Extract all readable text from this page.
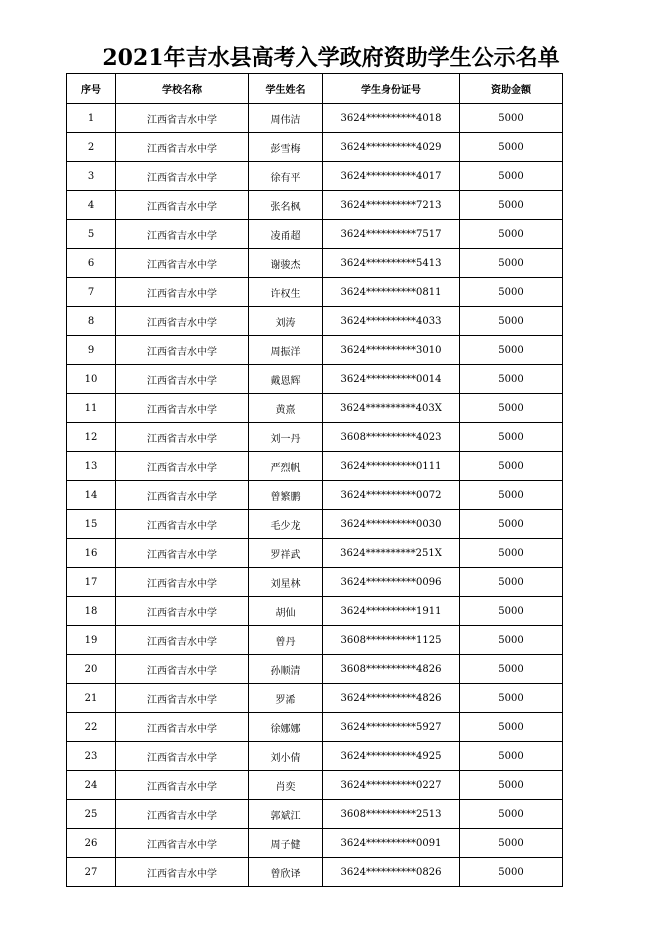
2021年吉水县高考入学政府资助学生公示名单
序号	学校名称	学生姓名	学生身份证号	资助金额
1	江西省吉水中学	周伟洁	3624**********4018	5000
2	江西省吉水中学	彭雪梅	3624**********4029	5000
3	江西省吉水中学	徐有平	3624**********4017	5000
4	江西省吉水中学	张名枫	3624**********7213	5000
5	江西省吉水中学	凌甬超	3624**********7517	5000
6	江西省吉水中学	谢骏杰	3624**********5413	5000
7	江西省吉水中学	许权生	3624**********0811	5000
8	江西省吉水中学	刘涛	3624**********4033	5000
9	江西省吉水中学	周振洋	3624**********3010	5000
10	江西省吉水中学	戴恩辉	3624**********0014	5000
11	江西省吉水中学	黄熹	3624**********403X	5000
12	江西省吉水中学	刘一丹	3608**********4023	5000
13	江西省吉水中学	严烈帆	3624**********0111	5000
14	江西省吉水中学	曾繁鹏	3624**********0072	5000
15	江西省吉水中学	毛少龙	3624**********0030	5000
16	江西省吉水中学	罗祥武	3624**********251X	5000
17	江西省吉水中学	刘星林	3624**********0096	5000
18	江西省吉水中学	胡仙	3624**********1911	5000
19	江西省吉水中学	曾丹	3608**********1125	5000
20	江西省吉水中学	孙顺清	3608**********4826	5000
21	江西省吉水中学	罗浠	3624**********4826	5000
22	江西省吉水中学	徐娜娜	3624**********5927	5000
23	江西省吉水中学	刘小倩	3624**********4925	5000
24	江西省吉水中学	肖奕	3624**********0227	5000
25	江西省吉水中学	郭斌江	3608**********2513	5000
26	江西省吉水中学	周子健	3624**********0091	5000
27	江西省吉水中学	曾欣译	3624**********0826	5000
